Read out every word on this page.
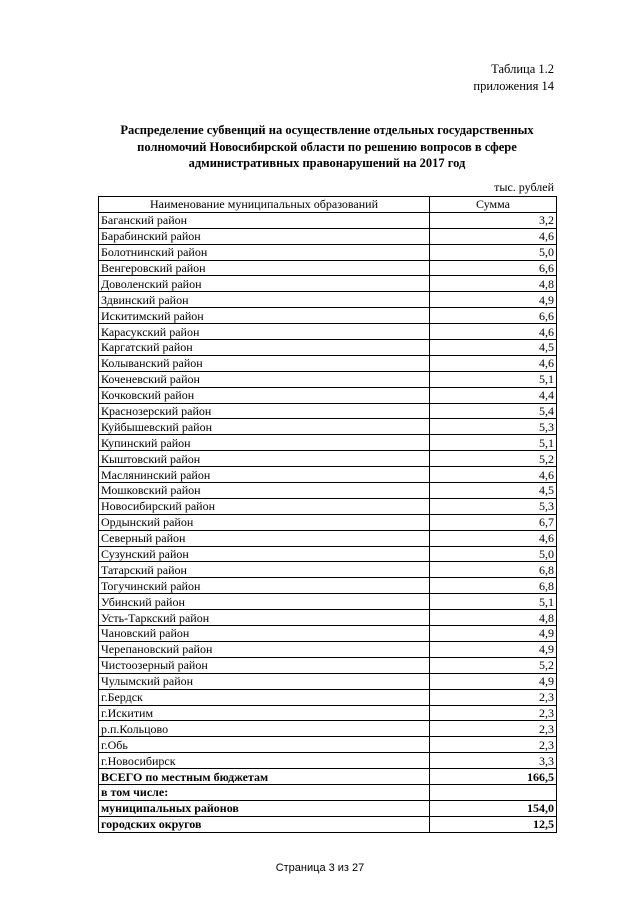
Таблица 1.2
приложения 14
Распределение субвенций на осуществление отдельных государственных полномочий Новосибирской области по решению вопросов в сфере административных правонарушений на 2017 год
тыс. рублей
Наименование муниципальных образований	Сумма
Баганский район	3,2
Барабинский район	4,6
Болотнинский район	5,0
Венгеровский район	6,6
Доволенский район	4,8
Здвинский район	4,9
Искитимский район	6,6
Карасукский район	4,6
Каргатский район	4,5
Колыванский район	4,6
Коченевский район	5,1
Кочковский район	4,4
Краснозерский район	5,4
Куйбышевский район	5,3
Купинский район	5,1
Кыштовский район	5,2
Маслянинский район	4,6
Мошковский район	4,5
Новосибирский район	5,3
Ордынский район	6,7
Северный район	4,6
Сузунский район	5,0
Татарский район	6,8
Тогучинский район	6,8
Убинский район	5,1
Усть-Таркский район	4,8
Чановский район	4,9
Черепановский район	4,9
Чистоозерный район	5,2
Чулымский район	4,9
г.Бердск	2,3
г.Искитим	2,3
р.п.Кольцово	2,3
г.Обь	2,3
г.Новосибирск	3,3
ВСЕГО по местным бюджетам	166,5
в том числе:	
муниципальных районов	154,0
городских округов	12,5
Страница 3 из 27
